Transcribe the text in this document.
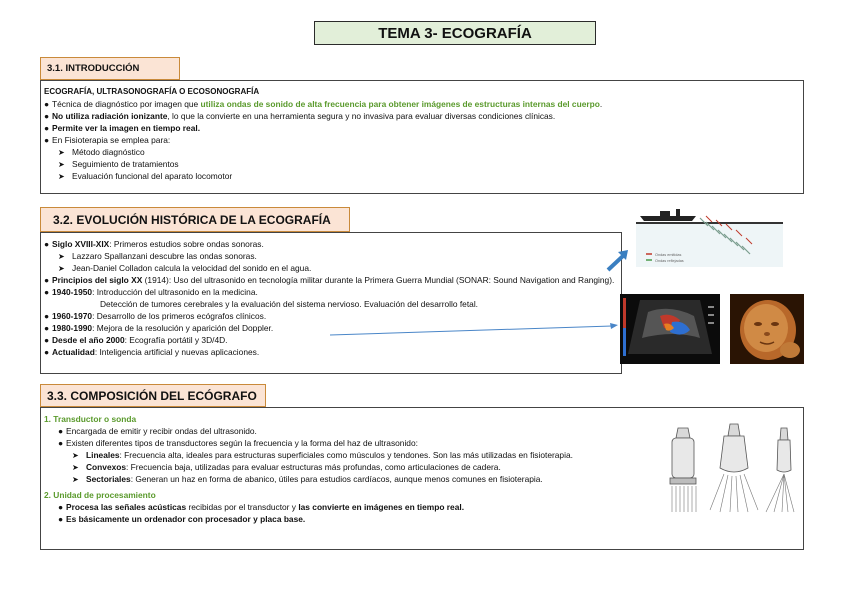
TEMA 3- ECOGRAFÍA
3.1. INTRODUCCIÓN
ECOGRAFÍA, ULTRASONOGRAFÍA O ECOSONOGRAFÍA
● Técnica de diagnóstico por imagen que utiliza ondas de sonido de alta frecuencia para obtener imágenes de estructuras internas del cuerpo.
● No utiliza radiación ionizante, lo que la convierte en una herramienta segura y no invasiva para evaluar diversas condiciones clínicas.
● Permite ver la imagen en tiempo real.
● En Fisioterapia se emplea para:
➤ Método diagnóstico
➤ Seguimiento de tratamientos
➤ Evaluación funcional del aparato locomotor
3.2. EVOLUCIÓN HISTÓRICA DE LA ECOGRAFÍA
● Siglo XVIII-XIX: Primeros estudios sobre ondas sonoras.
➤ Lazzaro Spallanzani descubre las ondas sonoras.
➤ Jean-Daniel Colladon calcula la velocidad del sonido en el agua.
● Principios del siglo XX (1914): Uso del ultrasonido en tecnología militar durante la Primera Guerra Mundial (SONAR: Sound Navigation and Ranging).
● 1940-1950: Introducción del ultrasonido en la medicina.
Detección de tumores cerebrales y la evaluación del sistema nervioso. Evaluación del desarrollo fetal.
● 1960-1970: Desarrollo de los primeros ecógrafos clínicos.
● 1980-1990: Mejora de la resolución y aparición del Doppler.
● Desde el año 2000: Ecografía portátil y 3D/4D.
● Actualidad: Inteligencia artificial y nuevas aplicaciones.
Ondas emitidas
Ondas reflejadas
3.3. COMPOSICIÓN DEL ECÓGRAFO
1. Transductor o sonda
● Encargada de emitir y recibir ondas del ultrasonido.
● Existen diferentes tipos de transductores según la frecuencia y la forma del haz de ultrasonido:
➤ Lineales: Frecuencia alta, ideales para estructuras superficiales como músculos y tendones. Son las más utilizadas en fisioterapia.
➤ Convexos: Frecuencia baja, utilizadas para evaluar estructuras más profundas, como articulaciones de cadera.
➤ Sectoriales: Generan un haz en forma de abanico, útiles para estudios cardíacos, aunque menos comunes en fisioterapia.
2. Unidad de procesamiento
● Procesa las señales acústicas recibidas por el transductor y las convierte en imágenes en tiempo real.
● Es básicamente un ordenador con procesador y placa base.
